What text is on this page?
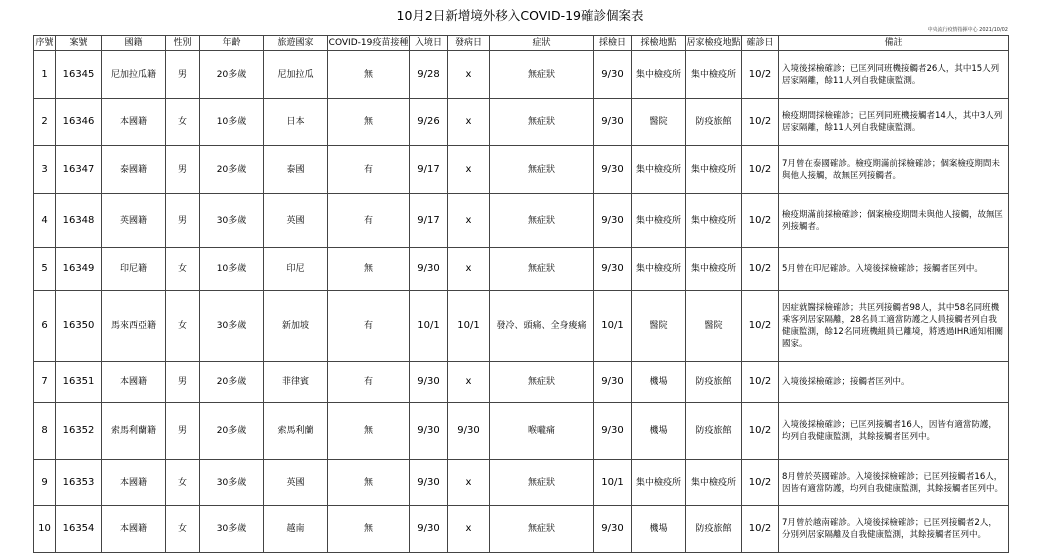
10月2日新增境外移入COVID-19確診個案表
中央流行疫情指揮中心 2021/10/02
序號	案號	國籍	性別	年齡	旅遊國家	COVID-19疫苗接種	入境日	發病日	症狀	採檢日	採檢地點	居家檢疫地點	確診日	備註
1	16345	尼加拉瓜籍	男	20多歲	尼加拉瓜	無	9/28	x	無症狀	9/30	集中檢疫所	集中檢疫所	10/2	入境後採檢確診；已匡列同班機接觸者26人，其中15人列居家隔離，餘11人列自我健康監測。
2	16346	本國籍	女	10多歲	日本	無	9/26	x	無症狀	9/30	醫院	防疫旅館	10/2	檢疫期間採檢確診；已匡列同班機接觸者14人，其中3人列居家隔離，餘11人列自我健康監測。
3	16347	泰國籍	男	20多歲	泰國	有	9/17	x	無症狀	9/30	集中檢疫所	集中檢疫所	10/2	7月曾在泰國確診。檢疫期滿前採檢確診；個案檢疫期間未與他人接觸，故無匡列接觸者。
4	16348	英國籍	男	30多歲	英國	有	9/17	x	無症狀	9/30	集中檢疫所	集中檢疫所	10/2	檢疫期滿前採檢確診；個案檢疫期間未與他人接觸，故無匡列接觸者。
5	16349	印尼籍	女	10多歲	印尼	無	9/30	x	無症狀	9/30	集中檢疫所	集中檢疫所	10/2	5月曾在印尼確診。入境後採檢確診；接觸者匡列中。
6	16350	馬來西亞籍	女	30多歲	新加坡	有	10/1	10/1	發冷、頭痛、全身痠痛	10/1	醫院	醫院	10/2	因症就醫採檢確診；共匡列接觸者98人，其中58名同班機乘客列居家隔離，28名員工適當防護之人員接觸者列自我健康監測，餘12名同班機組員已離境，將透過IHR通知相關國家。
7	16351	本國籍	男	20多歲	菲律賓	有	9/30	x	無症狀	9/30	機場	防疫旅館	10/2	入境後採檢確診；接觸者匡列中。
8	16352	索馬利蘭籍	男	20多歲	索馬利蘭	無	9/30	9/30	喉嚨痛	9/30	機場	防疫旅館	10/2	入境後採檢確診；已匡列接觸者16人，因皆有適當防護，均列自我健康監測，其餘接觸者匡列中。
9	16353	本國籍	女	30多歲	英國	無	9/30	x	無症狀	10/1	集中檢疫所	集中檢疫所	10/2	8月曾於英國確診。入境後採檢確診；已匡列接觸者16人，因皆有適當防護，均列自我健康監測，其餘接觸者匡列中。
10	16354	本國籍	女	30多歲	越南	無	9/30	x	無症狀	9/30	機場	防疫旅館	10/2	7月曾於越南確診。入境後採檢確診；已匡列接觸者2人，分別列居家隔離及自我健康監測，其餘接觸者匡列中。
